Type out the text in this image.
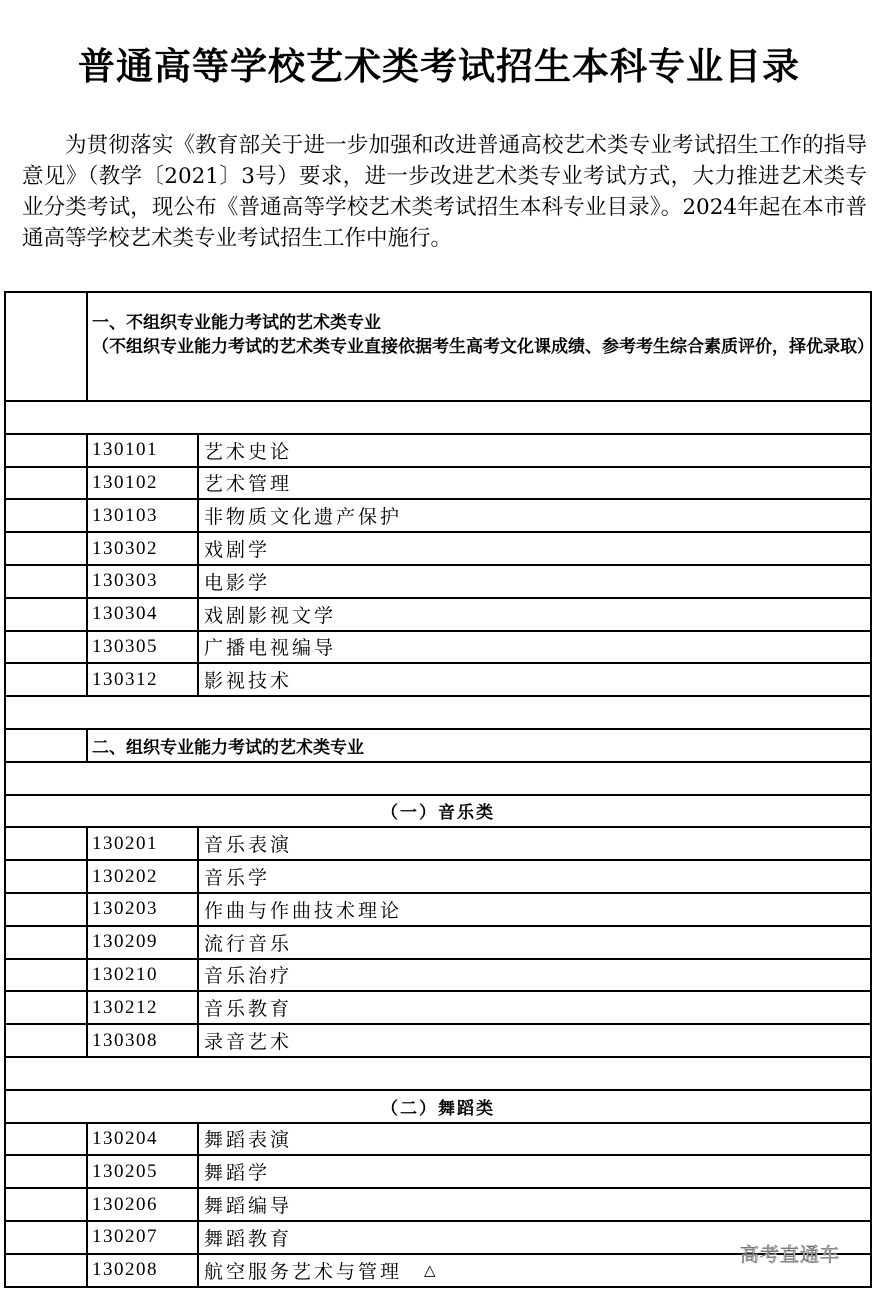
普通高等学校艺术类考试招生本科专业目录
为贯彻落实《教育部关于进一步加强和改进普通高校艺术类专业考试招生工作的指导意见》（教学〔2021〕3号）要求，进一步改进艺术类专业考试方式，大力推进艺术类专业分类考试，现公布《普通高等学校艺术类考试招生本科专业目录》。2024年起在本市普通高等学校艺术类专业考试招生工作中施行。
一、不组织专业能力考试的艺术类专业
（不组织专业能力考试的艺术类专业直接依据考生高考文化课成绩、参考考生综合素质评价，择优录取）
130101	艺术史论
130102	艺术管理
130103	非物质文化遗产保护
130302	戏剧学
130303	电影学
130304	戏剧影视文学
130305	广播电视编导
130312	影视技术
二、组织专业能力考试的艺术类专业
（一）音乐类
130201	音乐表演
130202	音乐学
130203	作曲与作曲技术理论
130209	流行音乐
130210	音乐治疗
130212	音乐教育
130308	录音艺术
（二）舞蹈类
130204	舞蹈表演
130205	舞蹈学
130206	舞蹈编导
130207	舞蹈教育
130208	航空服务艺术与管理 △
高考直通车
